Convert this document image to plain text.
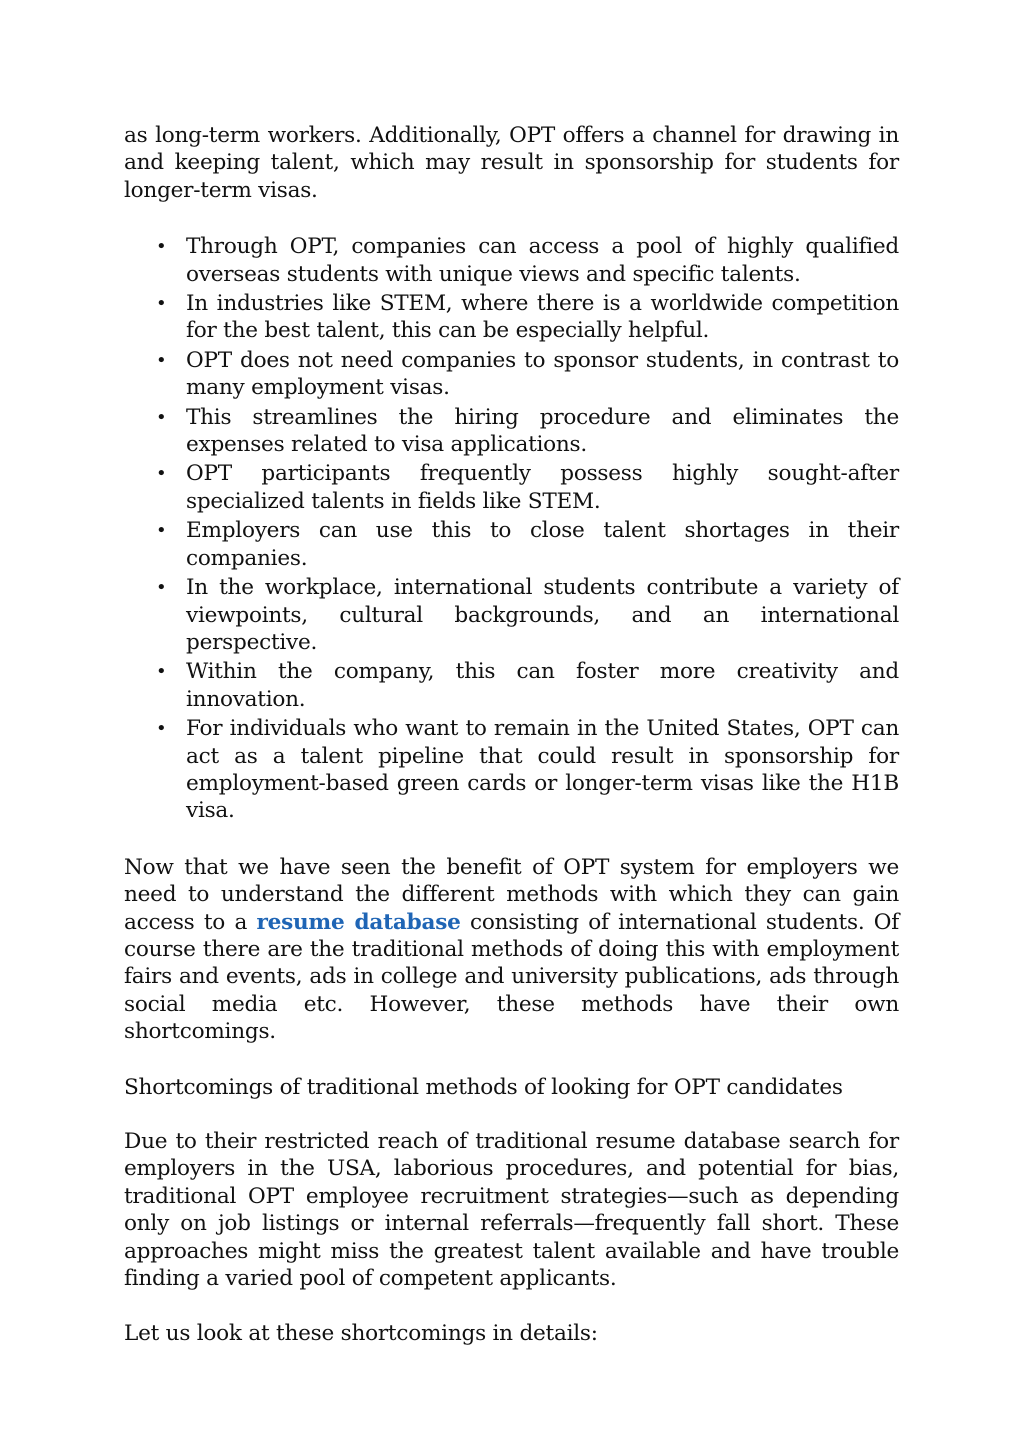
as long-term workers. Additionally, OPT offers a channel for drawing in and keeping talent, which may result in sponsorship for students for longer-term visas.

• Through OPT, companies can access a pool of highly qualified overseas students with unique views and specific talents.
• In industries like STEM, where there is a worldwide competition for the best talent, this can be especially helpful.
• OPT does not need companies to sponsor students, in contrast to many employment visas.
• This streamlines the hiring procedure and eliminates the expenses related to visa applications.
• OPT participants frequently possess highly sought-after specialized talents in fields like STEM.
• Employers can use this to close talent shortages in their companies.
• In the workplace, international students contribute a variety of viewpoints, cultural backgrounds, and an international perspective.
• Within the company, this can foster more creativity and innovation.
• For individuals who want to remain in the United States, OPT can act as a talent pipeline that could result in sponsorship for employment-based green cards or longer-term visas like the H1B visa.

Now that we have seen the benefit of OPT system for employers we need to understand the different methods with which they can gain access to a resume database consisting of international students. Of course there are the traditional methods of doing this with employment fairs and events, ads in college and university publications, ads through social media etc. However, these methods have their own shortcomings.

Shortcomings of traditional methods of looking for OPT candidates

Due to their restricted reach of traditional resume database search for employers in the USA, laborious procedures, and potential for bias, traditional OPT employee recruitment strategies—such as depending only on job listings or internal referrals—frequently fall short. These approaches might miss the greatest talent available and have trouble finding a varied pool of competent applicants.

Let us look at these shortcomings in details:
